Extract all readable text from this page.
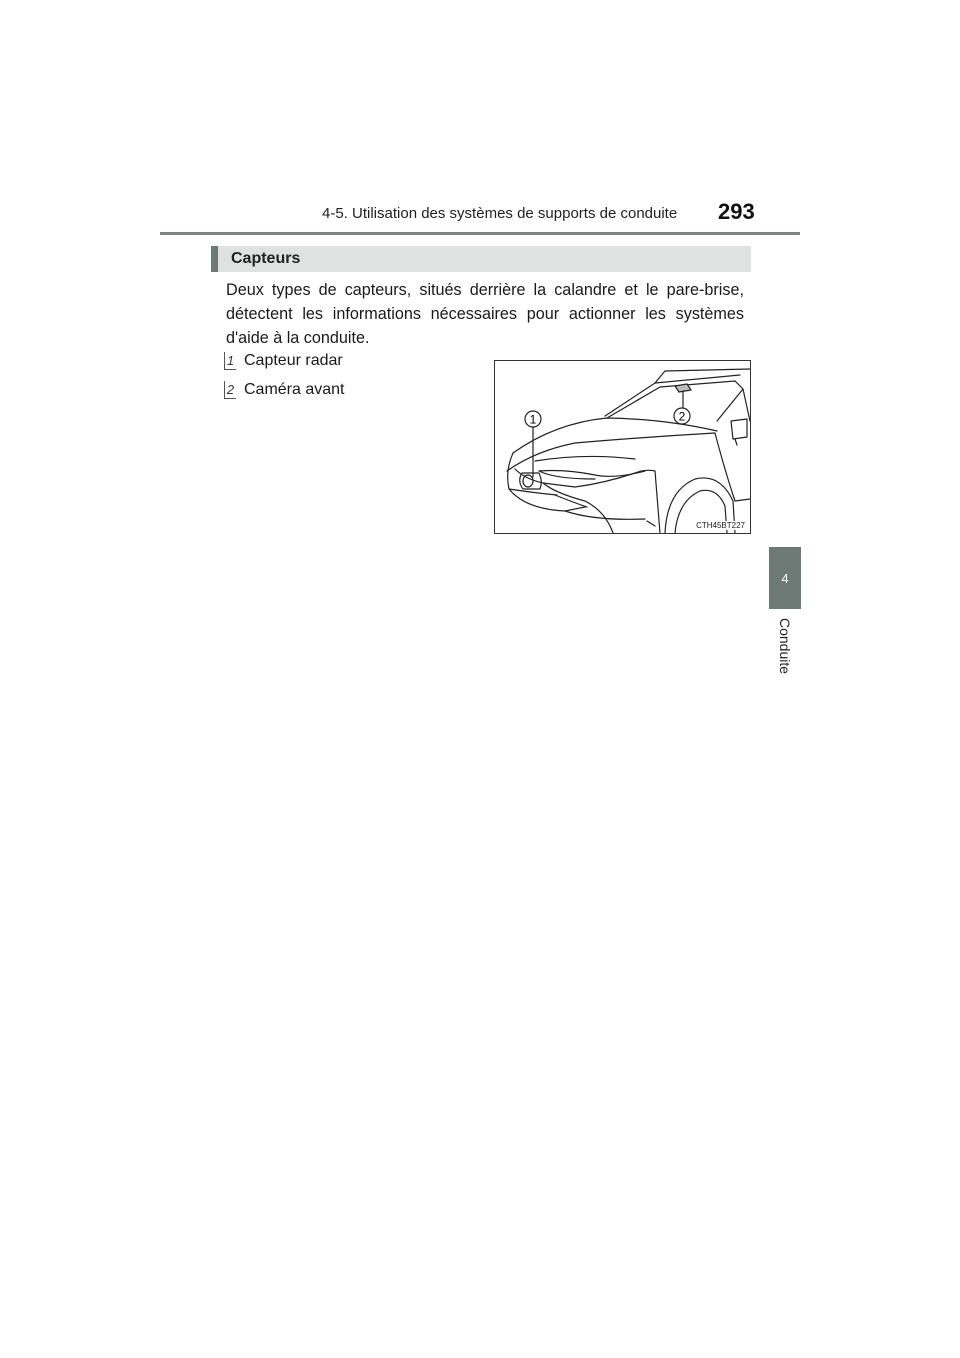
4-5. Utilisation des systèmes de supports de conduite 293
4
Conduite
Capteurs
Deux types de capteurs, situés derrière la calandre et le pare-brise, détectent les informations nécessaires pour actionner les systèmes d'aide à la conduite.
1 Capteur radar
2 Caméra avant
1	2
CTH45BT227
